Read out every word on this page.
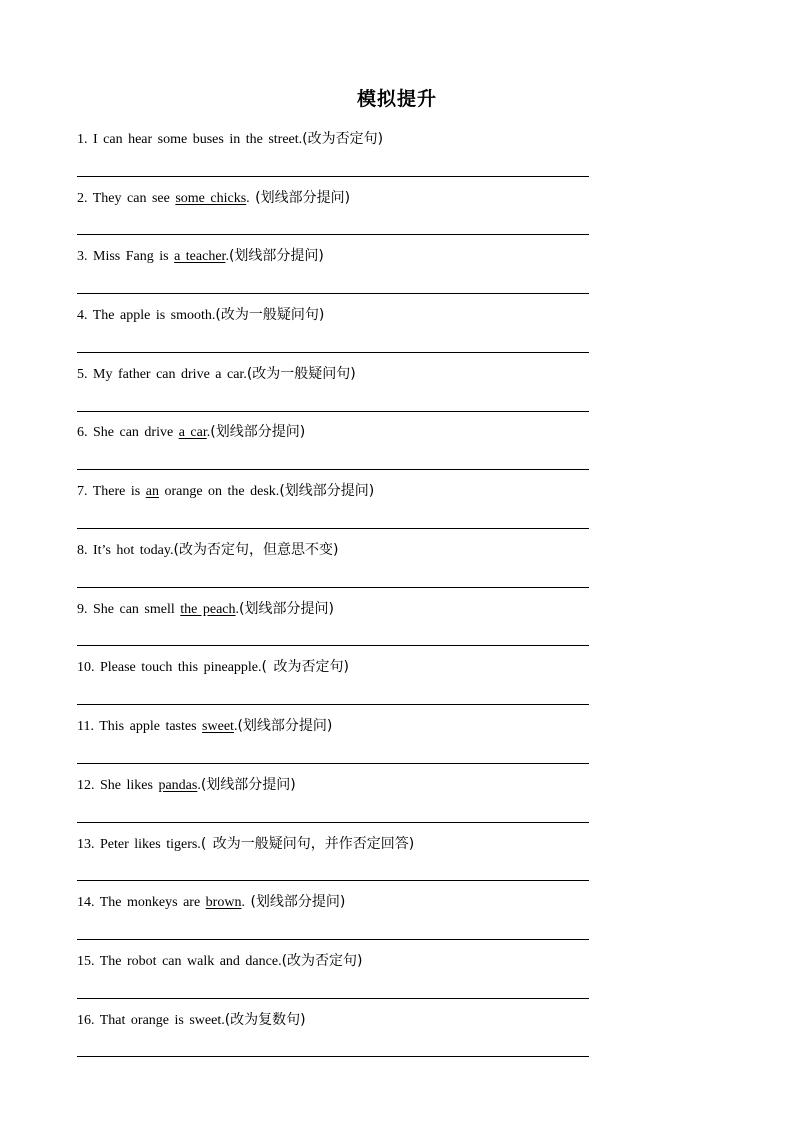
模拟提升
1. I can hear some buses in the street.(改为否定句)
2. They can see some chicks. (划线部分提问)
3. Miss Fang is a teacher.(划线部分提问)
4. The apple is smooth.(改为一般疑问句)
5. My father can drive a car.(改为一般疑问句)
6. She can drive a car.(划线部分提问)
7. There is an orange on the desk.(划线部分提问)
8. It’s hot today.(改为否定句，但意思不变)
9. She can smell the peach.(划线部分提问)
10. Please touch this pineapple.( 改为否定句)
11. This apple tastes sweet.(划线部分提问)
12. She likes pandas.(划线部分提问)
13. Peter likes tigers.( 改为一般疑问句，并作否定回答)
14. The monkeys are brown. (划线部分提问)
15. The robot can walk and dance.(改为否定句)
16. That orange is sweet.(改为复数句)
